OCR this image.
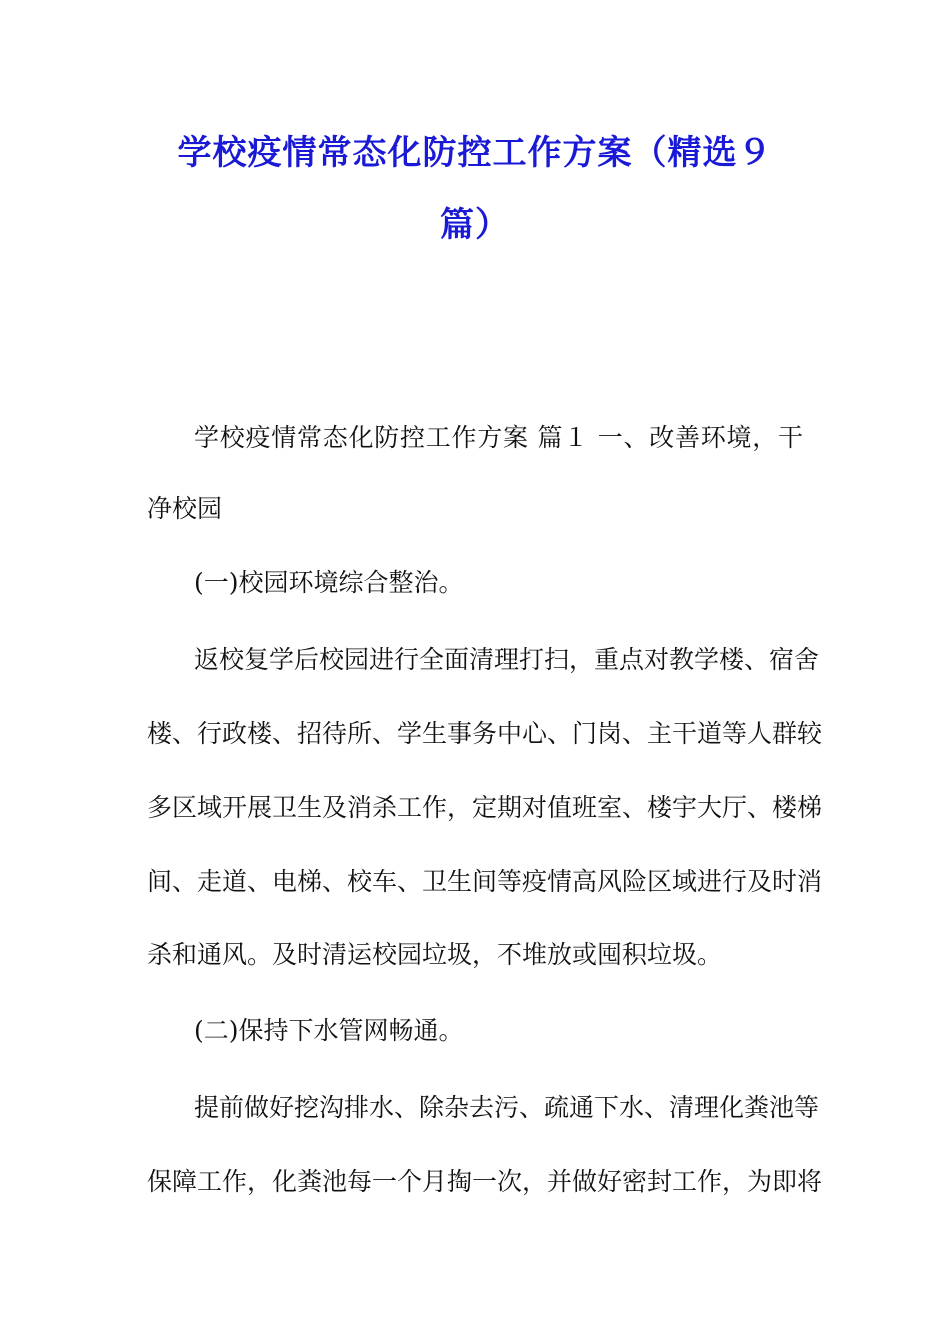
学校疫情常态化防控工作方案（精选９
篇）

学校疫情常态化防控工作方案 篇１ 一、改善环境，干

净校园

(一)校园环境综合整治。

返校复学后校园进行全面清理打扫，重点对教学楼、宿舍

楼、行政楼、招待所、学生事务中心、门岗、主干道等人群较

多区域开展卫生及消杀工作，定期对值班室、楼宇大厅、楼梯

间、走道、电梯、校车、卫生间等疫情高风险区域进行及时消

杀和通风。及时清运校园垃圾，不堆放或囤积垃圾。

(二)保持下水管网畅通。

提前做好挖沟排水、除杂去污、疏通下水、清理化粪池等

保障工作，化粪池每一个月掏一次，并做好密封工作，为即将
